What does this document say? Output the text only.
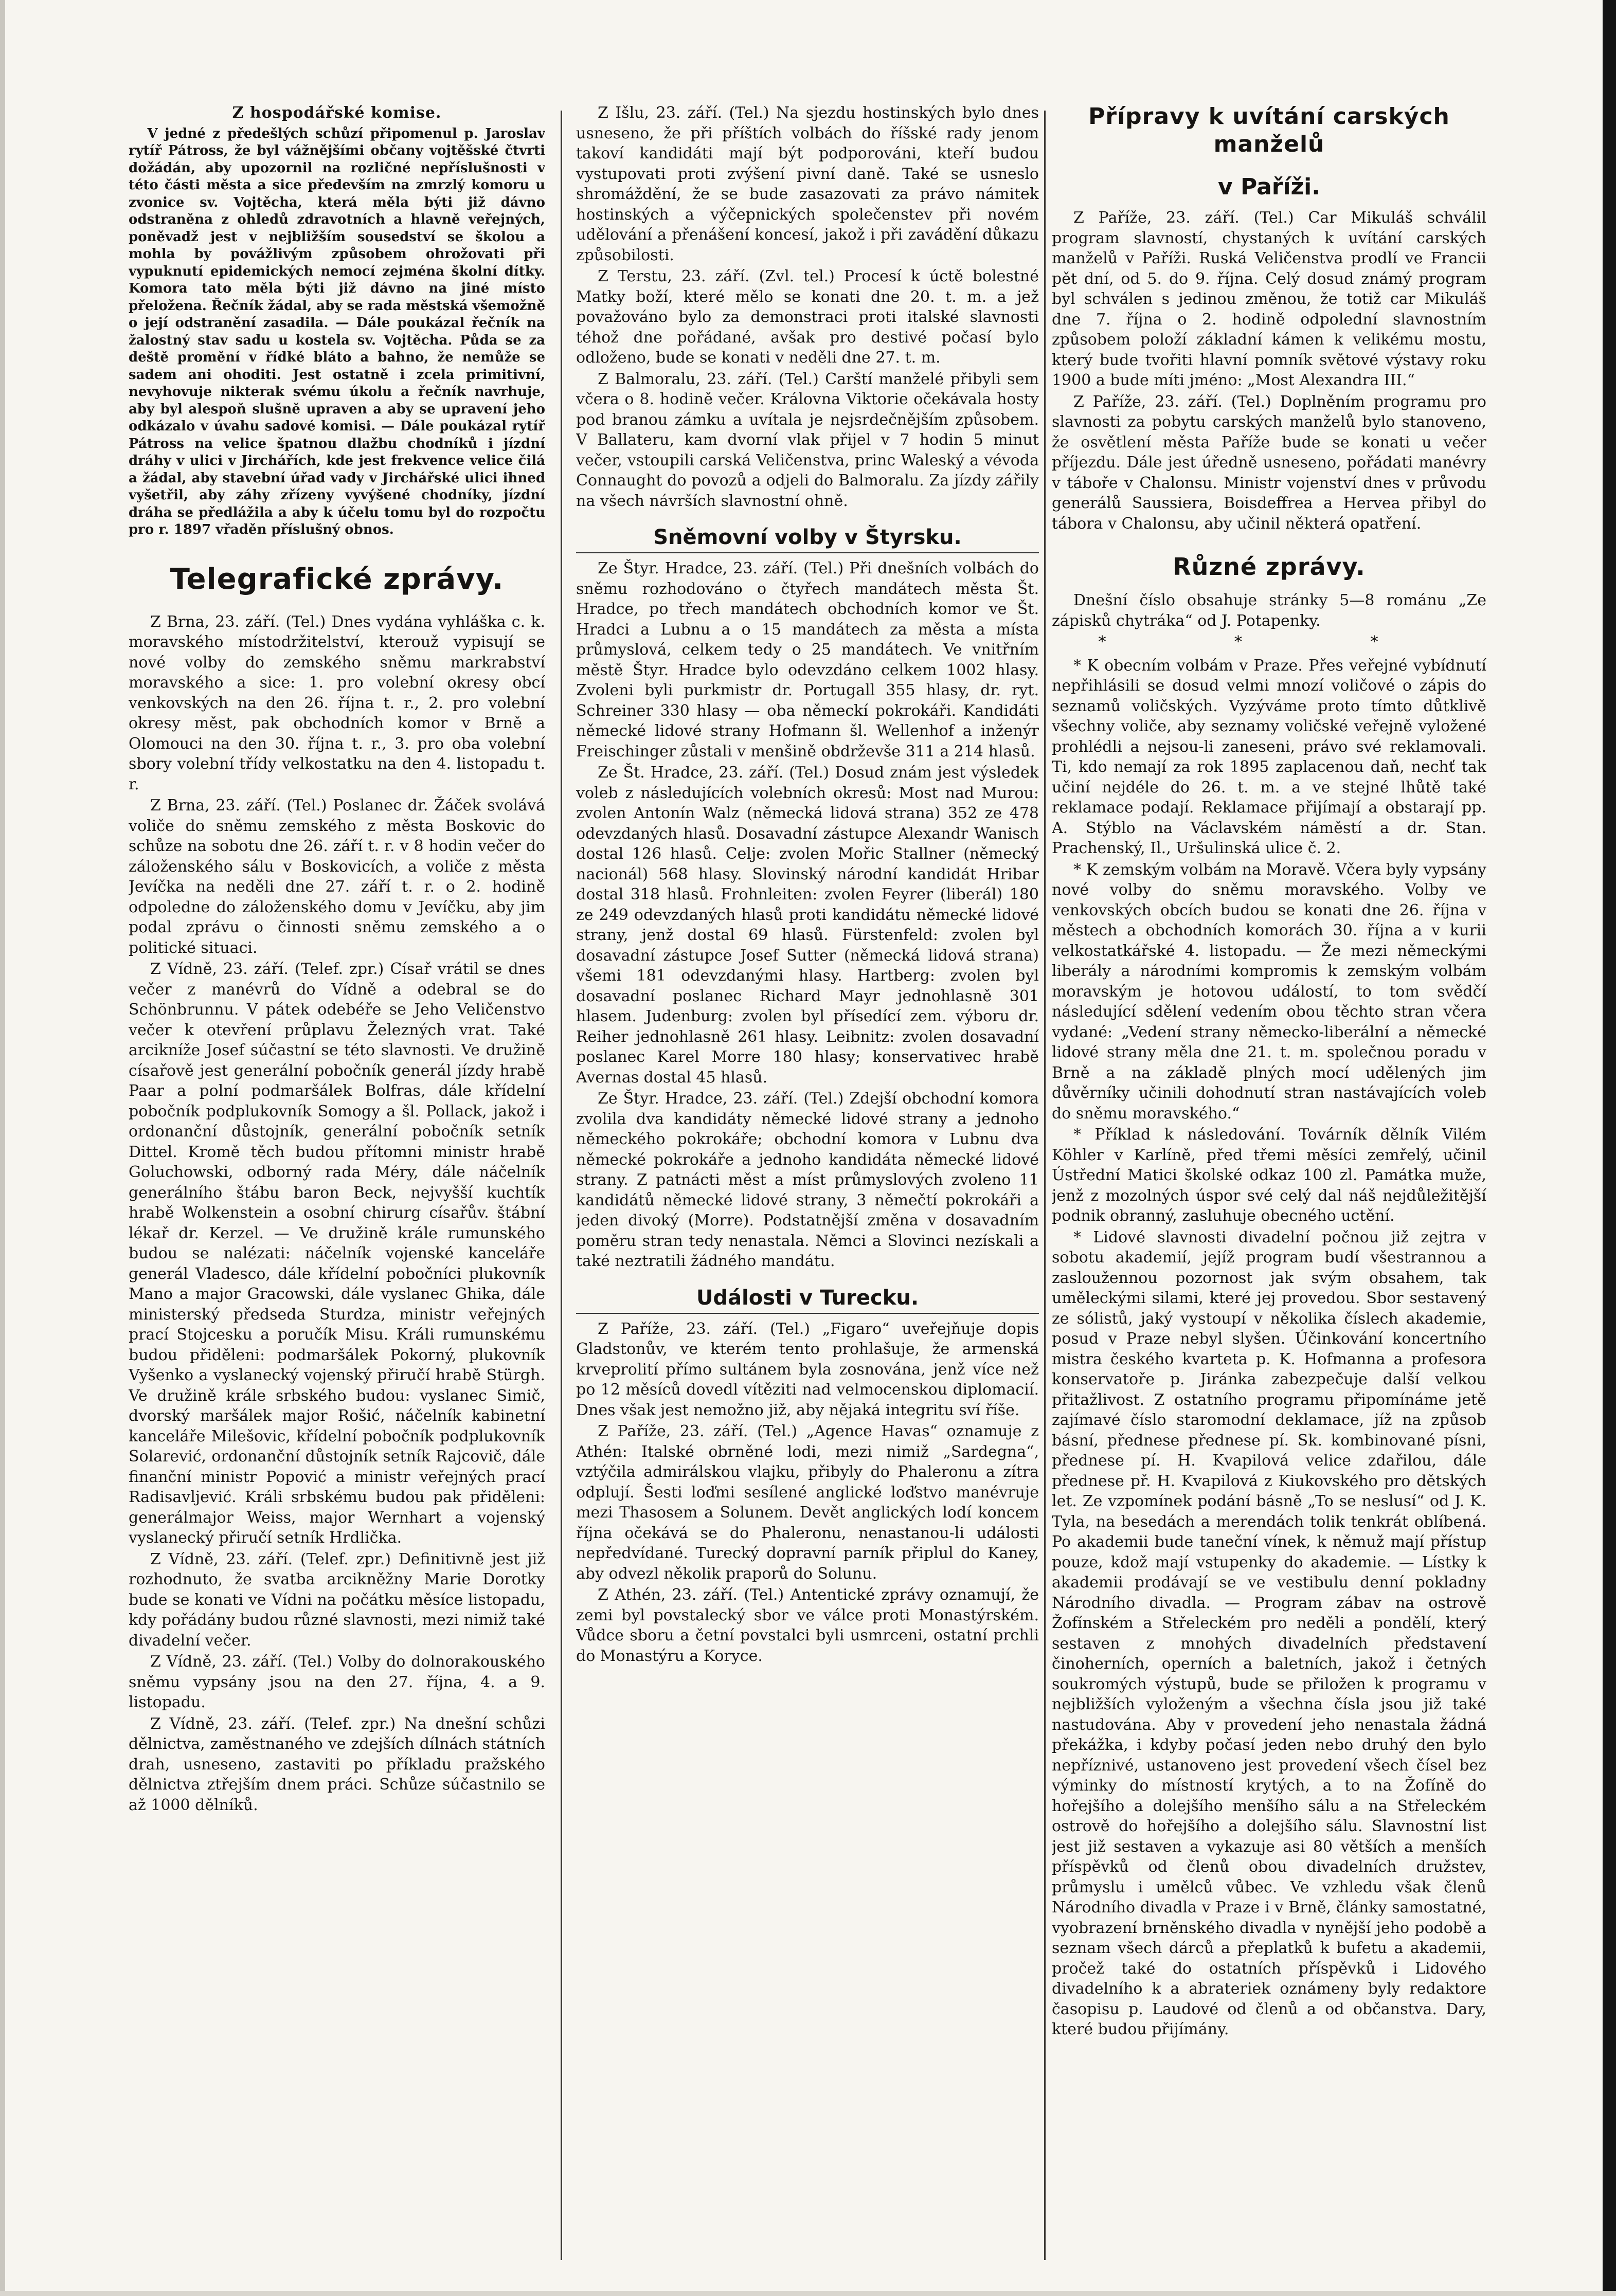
Z hospodářské komise.

V jedné z předešlých schůzí připomenul p. Jaroslav rytíř Pátross, že byl vážnějšími občany vojtěšské čtvrti dožádán, aby upozornil na rozličné nepříslušnosti v této části města a sice především na zmrzlý komoru u zvonice sv. Vojtěcha, která měla býti již dávno odstraněna z ohledů zdravotních a hlavně veřejných, poněvadž jest v nejbližším sousedství se školou a mohla by povážlivým způsobem ohrožovati při vypuknutí epidemických nemocí zejména školní dítky. Komora tato měla býti již dávno na jiné místo přeložena. Řečník žádal, aby se rada městská všemožně o její odstranění zasadila. — Dále poukázal řečník na žalostný stav sadu u kostela sv. Vojtěcha. Půda se za deště promění v řídké bláto a bahno, že nemůže se sadem ani ohoditi. Jest ostatně i zcela primitivní, nevyhovuje nikterak svému úkolu a řečník navrhuje, aby byl alespoň slušně upraven a aby se upravení jeho odkázalo v úvahu sadové komisi. — Dále poukázal rytíř Pátross na velice špatnou dlažbu chodníků i jízdní dráhy v ulici v Jirchářích, kde jest frekvence velice čilá a žádal, aby stavební úřad vady v Jirchářské ulici ihned vyšetřil, aby záhy zřízeny vyvýšené chodníky, jízdní dráha se předlážila a aby k účelu tomu byl do rozpočtu pro r. 1897 vřaděn příslušný obnos.

Telegrafické zprávy.

Z Brna, 23. září. (Tel.) Dnes vydána vyhláška c. k. moravského místodržitelství, kterouž vypisují se nové volby do zemského sněmu markrabství moravského a sice: 1. pro volební okresy obcí venkovských na den 26. října t. r., 2. pro volební okresy měst, pak obchodních komor v Brně a Olomouci na den 30. října t. r., 3. pro oba volební sbory volební třídy velkostatku na den 4. listopadu t. r.

Z Brna, 23. září. (Tel.) Poslanec dr. Žáček svolává voliče do sněmu zemského z města Boskovic do schůze na sobotu dne 26. září t. r. v 8 hodin večer do záloženského sálu v Boskovicích, a voliče z města Jevíčka na neděli dne 27. září t. r. o 2. hodině odpoledne do záloženského domu v Jevíčku, aby jim podal zprávu o činnosti sněmu zemského a o politické situaci.

Z Vídně, 23. září. (Telef. zpr.) Císař vrátil se dnes večer z manévrů do Vídně a odebral se do Schönbrunnu. V pátek odebéře se Jeho Veličenstvo večer k otevření průplavu Železných vrat. Také arcikníže Josef súčastní se této slavnosti. Ve družině císařově jest generální pobočník generál jízdy hrabě Paar a polní podmaršálek Bolfras, dále křídelní pobočník podplukovník Somogy a šl. Pollack, jakož i ordonanční důstojník, generální pobočník setník Dittel. Kromě těch budou přítomni ministr hrabě Goluchowski, odborný rada Méry, dále náčelník generálního štábu baron Beck, nejvyšší kuchtík hrabě Wolkenstein a osobní chirurg císařův. štábní lékař dr. Kerzel. — Ve družině krále rumunského budou se nalézati: náčelník vojenské kanceláře generál Vladesco, dále křídelní pobočníci plukovník Mano a major Gracowski, dále vyslanec Ghika, dále ministerský předseda Sturdza, ministr veřejných prací Stojcesku a poručík Misu. Králi rumunskému budou přiděleni: podmaršálek Pokorný, plukovník Vyšenko a vyslanecký vojenský přiručí hrabě Stürgh. Ve družině krále srbského budou: vyslanec Simič, dvorský maršálek major Rošić, náčelník kabinetní kanceláře Milešovic, křídelní pobočník podplukovník Solarević, ordonanční důstojník setník Rajcovič, dále finanční ministr Popović a ministr veřejných prací Radisavljević. Králi srbskému budou pak přiděleni: generálmajor Weiss, major Wernhart a vojenský vyslanecký přiručí setník Hrdlička.

Z Vídně, 23. září. (Telef. zpr.) Definitivně jest již rozhodnuto, že svatba arcikněžny Marie Dorotky bude se konati ve Vídni na počátku měsíce listopadu, kdy pořádány budou různé slavnosti, mezi nimiž také divadelní večer.

Z Vídně, 23. září. (Tel.) Volby do dolnorakouského sněmu vypsány jsou na den 27. října, 4. a 9. listopadu.

Z Vídně, 23. září. (Telef. zpr.) Na dnešní schůzi dělnictva, zaměstnaného ve zdejších dílnách státních drah, usneseno, zastaviti po příkladu pražského dělnictva ztřejším dnem práci. Schůze súčastnilo se až 1000 dělníků.

Z Išlu, 23. září. (Tel.) Na sjezdu hostinských bylo dnes usneseno, že při příštích volbách do říšské rady jenom takoví kandidáti mají být podporováni, kteří budou vystupovati proti zvýšení pivní daně. Také se usneslo shromáždění, že se bude zasazovati za právo námitek hostinských a výčepnických společenstev při novém udělování a přenášení koncesí, jakož i při zavádění důkazu způsobilosti.

Z Terstu, 23. září. (Zvl. tel.) Procesí k úctě bolestné Matky boží, které mělo se konati dne 20. t. m. a jež považováno bylo za demonstraci proti italské slavnosti téhož dne pořádané, avšak pro destivé počasí bylo odloženo, bude se konati v neděli dne 27. t. m.

Z Balmoralu, 23. září. (Tel.) Carští manželé přibyli sem včera o 8. hodině večer. Královna Viktorie očekávala hosty pod branou zámku a uvítala je nejsrdečnějším způsobem. V Ballateru, kam dvorní vlak přijel v 7 hodin 5 minut večer, vstoupili carská Veličenstva, princ Waleský a vévoda Connaught do povozů a odjeli do Balmoralu. Za jízdy zářily na všech návrších slavnostní ohně.

Sněmovní volby v Štyrsku.

Ze Štyr. Hradce, 23. září. (Tel.) Při dnešních volbách do sněmu rozhodováno o čtyřech mandátech města Št. Hradce, po třech mandátech obchodních komor ve Št. Hradci a Lubnu a o 15 mandátech za města a místa průmyslová, celkem tedy o 25 mandátech. Ve vnitřním městě Štyr. Hradce bylo odevzdáno celkem 1002 hlasy. Zvoleni byli purkmistr dr. Portugall 355 hlasy, dr. ryt. Schreiner 330 hlasy — oba německí pokrokáři. Kandidáti německé lidové strany Hofmann šl. Wellenhof a inženýr Freischinger zůstali v menšině obdrževše 311 a 214 hlasů.

Ze Št. Hradce, 23. září. (Tel.) Dosud znám jest výsledek voleb z následujících volebních okresů: Most nad Murou: zvolen Antonín Walz (německá lidová strana) 352 ze 478 odevzdaných hlasů. Dosavadní zástupce Alexandr Wanisch dostal 126 hlasů. Celje: zvolen Mořic Stallner (německý nacionál) 568 hlasy. Slovinský národní kandidát Hribar dostal 318 hlasů. Frohnleiten: zvolen Feyrer (liberál) 180 ze 249 odevzdaných hlasů proti kandidátu německé lidové strany, jenž dostal 69 hlasů. Fürstenfeld: zvolen byl dosavadní zástupce Josef Sutter (německá lidová strana) všemi 181 odevzdanými hlasy. Hartberg: zvolen byl dosavadní poslanec Richard Mayr jednohlasně 301 hlasem. Judenburg: zvolen byl přísedící zem. výboru dr. Reiher jednohlasně 261 hlasy. Leibnitz: zvolen dosavadní poslanec Karel Morre 180 hlasy; konservativec hrabě Avernas dostal 45 hlasů.

Ze Štyr. Hradce, 23. září. (Tel.) Zdejší obchodní komora zvolila dva kandidáty německé lidové strany a jednoho německého pokrokáře; obchodní komora v Lubnu dva německé pokrokáře a jednoho kandidáta německé lidové strany. Z patnácti měst a míst průmyslových zvoleno 11 kandidátů německé lidové strany, 3 němečtí pokrokáři a jeden divoký (Morre). Podstatnější změna v dosavadním poměru stran tedy nenastala. Němci a Slovinci nezískali a také neztratili žádného mandátu.

Události v Turecku.

Z Paříže, 23. září. (Tel.) „Figaro“ uveřejňuje dopis Gladstonův, ve kterém tento prohlašuje, že armenská krveprolití přímo sultánem byla zosnována, jenž více než po 12 měsíců dovedl vítěziti nad velmocenskou diplomacií. Dnes však jest nemožno již, aby nějaká integritu sví říše.

Z Paříže, 23. září. (Tel.) „Agence Havas“ oznamuje z Athén: Italské obrněné lodi, mezi nimiž „Sardegna“, vztýčila admirálskou vlajku, přibyly do Phaleronu a zítra odplují. Šesti loďmi sesílené anglické loďstvo manévruje mezi Thasosem a Solunem. Devět anglických lodí koncem října očekává se do Phaleronu, nenastanou-li události nepředvídané. Turecký dopravní parník připlul do Kaney, aby odvezl několik praporů do Solunu.

Z Athén, 23. září. (Tel.) Antentické zprávy oznamují, že zemi byl povstalecký sbor ve válce proti Monastýrském. Vůdce sboru a četní povstalci byli usmrceni, ostatní prchli do Monastýru a Koryce.

Přípravy k uvítání carských manželů
v Paříži.

Z Paříže, 23. září. (Tel.) Car Mikuláš schválil program slavností, chystaných k uvítání carských manželů v Paříži. Ruská Veličenstva prodlí ve Francii pět dní, od 5. do 9. října. Celý dosud známý program byl schválen s jedinou změnou, že totiž car Mikuláš dne 7. října o 2. hodině odpolední slavnostním způsobem položí základní kámen k velikému mostu, který bude tvořiti hlavní pomník světové výstavy roku 1900 a bude míti jméno: „Most Alexandra III.“

Z Paříže, 23. září. (Tel.) Doplněním programu pro slavnosti za pobytu carských manželů bylo stanoveno, že osvětlení města Paříže bude se konati u večer příjezdu. Dále jest úředně usneseno, pořádati manévry v táboře v Chalonsu. Ministr vojenství dnes v průvodu generálů Saussiera, Boisdeffrea a Hervea přibyl do tábora v Chalonsu, aby učinil některá opatření.

Různé zprávy.

Dnešní číslo obsahuje stránky 5—8 románu „Ze zápisků chytráka“ od J. Potapenky.

* * *

* K obecním volbám v Praze. Přes veřejné vybídnutí nepřihlásili se dosud velmi mnozí voličové o zápis do seznamů voličských. Vyzýváme proto tímto důtklivě všechny voliče, aby seznamy voličské veřejně vyložené prohlédli a nejsou-li zaneseni, právo své reklamovali. Ti, kdo nemají za rok 1895 zaplacenou daň, nechť tak učiní nejdéle do 26. t. m. a ve stejné lhůtě také reklamace podají. Reklamace přijímají a obstarají pp. A. Stýblo na Václavském náměstí a dr. Stan. Prachenský, Il., Uršulinská ulice č. 2.

* K zemským volbám na Moravě. Včera byly vypsány nové volby do sněmu moravského. Volby ve venkovských obcích budou se konati dne 26. října v městech a obchodních komorách 30. října a v kurii velkostatkářské 4. listopadu. — Že mezi německými liberály a národními kompromis k zemským volbám moravským je hotovou událostí, to tom svědčí následující sdělení vedením obou těchto stran včera vydané: „Vedení strany německo-liberální a německé lidové strany měla dne 21. t. m. společnou poradu v Brně a na základě plných mocí udělených jim důvěrníky učinili dohodnutí stran nastávajících voleb do sněmu moravského.“

* Příklad k následování. Továrník dělník Vilém Köhler v Karlíně, před třemi měsíci zemřelý, učinil Ústřední Matici školské odkaz 100 zl. Památka muže, jenž z mozolných úspor své celý dal náš nejdůležitější podnik obranný, zasluhuje obecného uctění.

* Lidové slavnosti divadelní počnou již zejtra v sobotu akademií, jejíž program budí všestrannou a zasloužennou pozornost jak svým obsahem, tak uměleckými silami, které jej provedou. Sbor sestavený ze sólistů, jaký vystoupí v několika číslech akademie, posud v Praze nebyl slyšen. Účinkování koncertního mistra českého kvarteta p. K. Hofmanna a profesora konservatoře p. Jiránka zabezpečuje další velkou přitažlivost. Z ostatního programu připomínáme jetě zajímavé číslo staromodní deklamace, jíž na způsob básní, přednese přednese pí. Sk. kombinované písni, přednese pí. H. Kvapilová velice zdařilou, dále přednese př. H. Kvapilová z Kiukovského pro dětských let. Ze vzpomínek podání básně „To se neslusí“ od J. K. Tyla, na besedách a merendách tolik tenkrát oblíbená. Po akademii bude taneční vínek, k němuž mají přístup pouze, kdož mají vstupenky do akademie. — Lístky k akademii prodávají se ve vestibulu denní pokladny Národního divadla. — Program zábav na ostrově Žofínském a Střeleckém pro neděli a pondělí, který sestaven z mnohých divadelních představení činoherních, operních a baletních, jakož i četných soukromých výstupů, bude se přiložen k programu v nejbližších vyloženým a všechna čísla jsou již také nastudována. Aby v provedení jeho nenastala žádná překážka, i kdyby počasí jeden nebo druhý den bylo nepříznivé, ustanoveno jest provedení všech čísel bez výminky do místností krytých, a to na Žofíně do hořejšího a dolejšího menšího sálu a na Střeleckém ostrově do hořejšího a dolejšího sálu. Slavnostní list jest již sestaven a vykazuje asi 80 větších a menších příspěvků od členů obou divadelních družstev, průmyslu i umělců vůbec. Ve vzhledu však členů Národního divadla v Praze i v Brně, články samostatné, vyobrazení brněnského divadla v nynější jeho podobě a seznam všech dárců a přeplatků k bufetu a akademii, pročež také do ostatních příspěvků i Lidového divadelního k a abrateriek oznámeny byly redaktore časopisu p. Laudové od členů a od občanstva. Dary, které budou přijímány.
